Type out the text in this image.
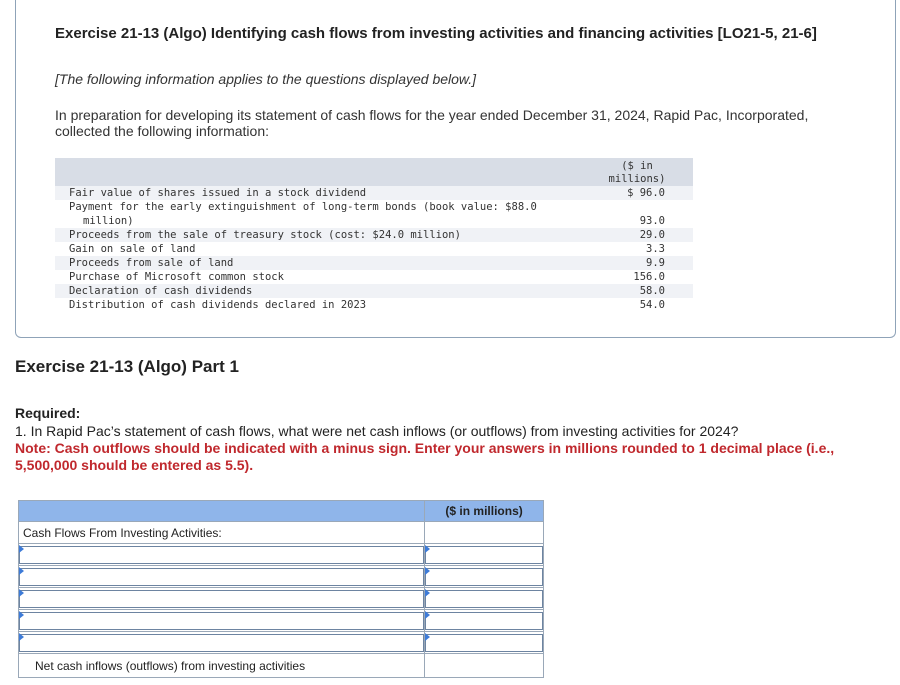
Exercise 21-13 (Algo) Identifying cash flows from investing activities and financing activities [LO21-5, 21-6]
[The following information applies to the questions displayed below.]
In preparation for developing its statement of cash flows for the year ended December 31, 2024, Rapid Pac, Incorporated, collected the following information:
($ in millions)
Fair value of shares issued in a stock dividend	$ 96.0
Payment for the early extinguishment of long-term bonds (book value: $88.0
million)	93.0
Proceeds from the sale of treasury stock (cost: $24.0 million)	29.0
Gain on sale of land	3.3
Proceeds from sale of land	9.9
Purchase of Microsoft common stock	156.0
Declaration of cash dividends	58.0
Distribution of cash dividends declared in 2023	54.0
Exercise 21-13 (Algo) Part 1
Required:
1. In Rapid Pac’s statement of cash flows, what were net cash inflows (or outflows) from investing activities for 2024?
Note: Cash outflows should be indicated with a minus sign. Enter your answers in millions rounded to 1 decimal place (i.e., 5,500,000 should be entered as 5.5).
	($ in millions)
Cash Flows From Investing Activities:	

Net cash inflows (outflows) from investing activities	
